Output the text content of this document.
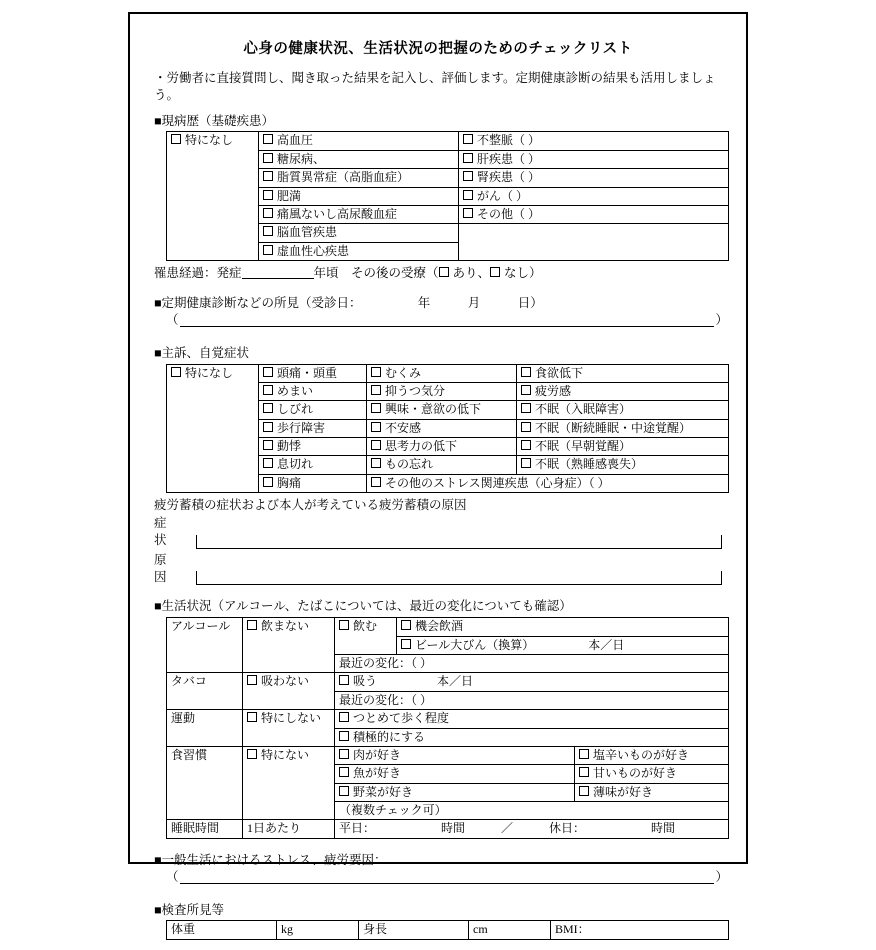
心身の健康状況、生活状況の把握のためのチェックリスト
・労働者に直接質問し、聞き取った結果を記入し、評価します。定期健康診断の結果も活用しましょう。
■現病歴（基礎疾患）
特になし	高血圧	不整脈（ ）
	糖尿病、	肝疾患（ ）
	脂質異常症（高脂血症）	腎疾患（ ）
	肥満	がん（ ）
	痛風ないし高尿酸血症	その他（ ）
	脳血管疾患	
	虚血性心疾患	
罹患経過：発症	年頃　その後の受療（ あり、 なし）
■定期健康診断などの所見（受診日：　　　　　年　　　月　　　日）
（	）
■主訴、自覚症状
特になし	頭痛・頭重	むくみ	食欲低下
	めまい	抑うつ気分	疲労感
	しびれ	興味・意欲の低下	不眠（入眠障害）
	歩行障害	不安感	不眠（断続睡眠・中途覚醒）
	動悸	思考力の低下	不眠（早朝覚醒）
	息切れ	もの忘れ	不眠（熟睡感喪失）
	胸痛	その他のストレス関連疾患（心身症）（ ）	
疲労蓄積の症状および本人が考えている疲労蓄積の原因
症　　状
原　　因
■生活状況（アルコール、たばこについては、最近の変化についても確認）
アルコール	飲まない	飲む	機会飲酒	
			ビール大びん（換算）　　　　　本／日	
		最近の変化：（ ）		
タバコ	吸わない	吸う　　　　　本／日		
		最近の変化：（ ）		
運動	特にしない	つとめて歩く程度		
		積極的にする		
食習慣	特にない	肉が好き		塩辛いものが好き
		魚が好き		甘いものが好き
		野菜が好き		薄味が好き
		（複数チェック可）		
睡眠時間	1日あたり	平日：　　　　　　時間　　　／　　　休日：　　　　　　時間		
■一般生活におけるストレス、疲労要因：
（	）
■検査所見等
体重	kg	身長	cm	BMI：
